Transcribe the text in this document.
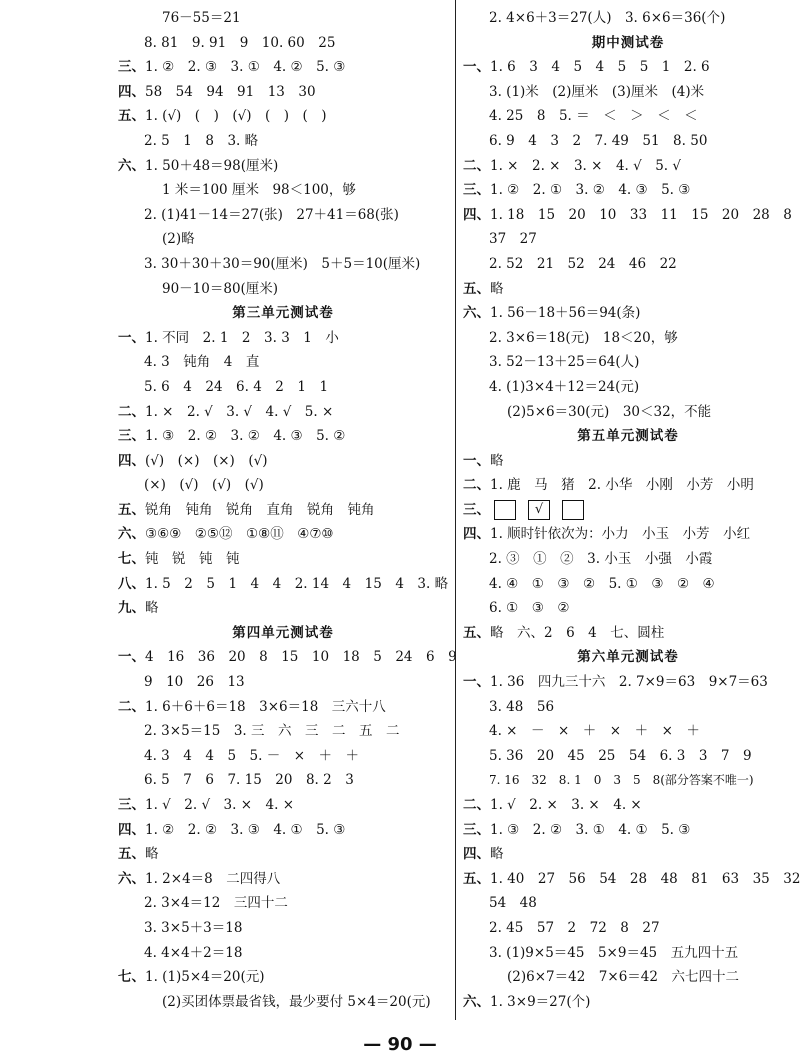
76－55＝21
8. 81　9. 91　9　10. 60　25
三、1. ②　2. ③　3. ①　4. ②　5. ③
四、58　54　94　91　13　30
五、1. (√)　(　)　(√)　(　)　(　)
2. 5　1　8　3. 略
六、1. 50＋48＝98(厘米)
1 米＝100 厘米　98＜100，够
2. (1)41－14＝27(张)　27＋41＝68(张)
(2)略
3. 30＋30＋30＝90(厘米)　5＋5＝10(厘米)
90－10＝80(厘米)
第三单元测试卷
一、1. 不同　2. 1　2　3. 3　1　小
4. 3　钝角　4　直
5. 6　4　24　6. 4　2　1　1
二、1. ×　2. √　3. √　4. √　5. ×
三、1. ③　2. ②　3. ②　4. ③　5. ②
四、(√)　(×)　(×)　(√)
(×)　(√)　(√)　(√)
五、锐角　钝角　锐角　直角　锐角　钝角
六、③⑥⑨　②⑤⑫　①⑧⑪　④⑦⑩
七、钝　锐　钝　钝
八、1. 5　2　5　1　4　4　2. 14　4　15　4　3. 略
九、略
第四单元测试卷
一、4　16　36　20　8　15　10　18　5　24　6　9
9　10　26　13
二、1. 6＋6＋6＝18　3×6＝18　三六十八
2. 3×5＝15　3. 三　六　三　二　五　二
4. 3　4　4　5　5. －　×　＋　＋
6. 5　7　6　7. 15　20　8. 2　3
三、1. √　2. √　3. ×　4. ×
四、1. ②　2. ②　3. ③　4. ①　5. ③
五、略
六、1. 2×4＝8　二四得八
2. 3×4＝12　三四十二
3. 3×5＋3＝18
4. 4×4＋2＝18
七、1. (1)5×4＝20(元)
(2)买团体票最省钱，最少要付 5×4＝20(元)
2. 4×6＋3＝27(人)　3. 6×6＝36(个)
期中测试卷
一、1. 6　3　4　5　4　5　5　1　2. 6
3. (1)米　(2)厘米　(3)厘米　(4)米
4. 25　8　5. ＝　＜　＞　＜　＜
6. 9　4　3　2　7. 49　51　8. 50
二、1. ×　2. ×　3. ×　4. √　5. √
三、1. ②　2. ①　3. ②　4. ③　5. ③
四、1. 18　15　20　10　33　11　15　20　28　8
37　27
2. 52　21　52　24　46　22
五、略
六、1. 56－18＋56＝94(条)
2. 3×6＝18(元)　18＜20，够
3. 52－13＋25＝64(人)
4. (1)3×4＋12＝24(元)
(2)5×6＝30(元)　30＜32，不能
第五单元测试卷
一、略
二、1. 鹿　马　猪　2. 小华　小刚　小芳　小明
三、	√
四、1. 顺时针依次为：小力　小玉　小芳　小红
2. ③　①　②　3. 小玉　小强　小霞
4. ④　①　③　②　5. ①　③　②　④
6. ①　③　②
五、略　六、2　6　4　七、圆柱
第六单元测试卷
一、1. 36　四九三十六　2. 7×9＝63　9×7＝63
3. 48　56
4. ×　－　×　＋　×　＋　×　＋
5. 36　20　45　25　54　6. 3　3　7　9
7. 16　32　8. 1　0　3　5　8(部分答案不唯一)
二、1. √　2. ×　3. ×　4. ×
三、1. ③　2. ②　3. ①　4. ①　5. ③
四、略
五、1. 40　27　56　54　28　48　81　63　35　32
54　48
2. 45　57　2　72　8　27
3. (1)9×5＝45　5×9＝45　五九四十五
(2)6×7＝42　7×6＝42　六七四十二
六、1. 3×9＝27(个)
— 90 —
